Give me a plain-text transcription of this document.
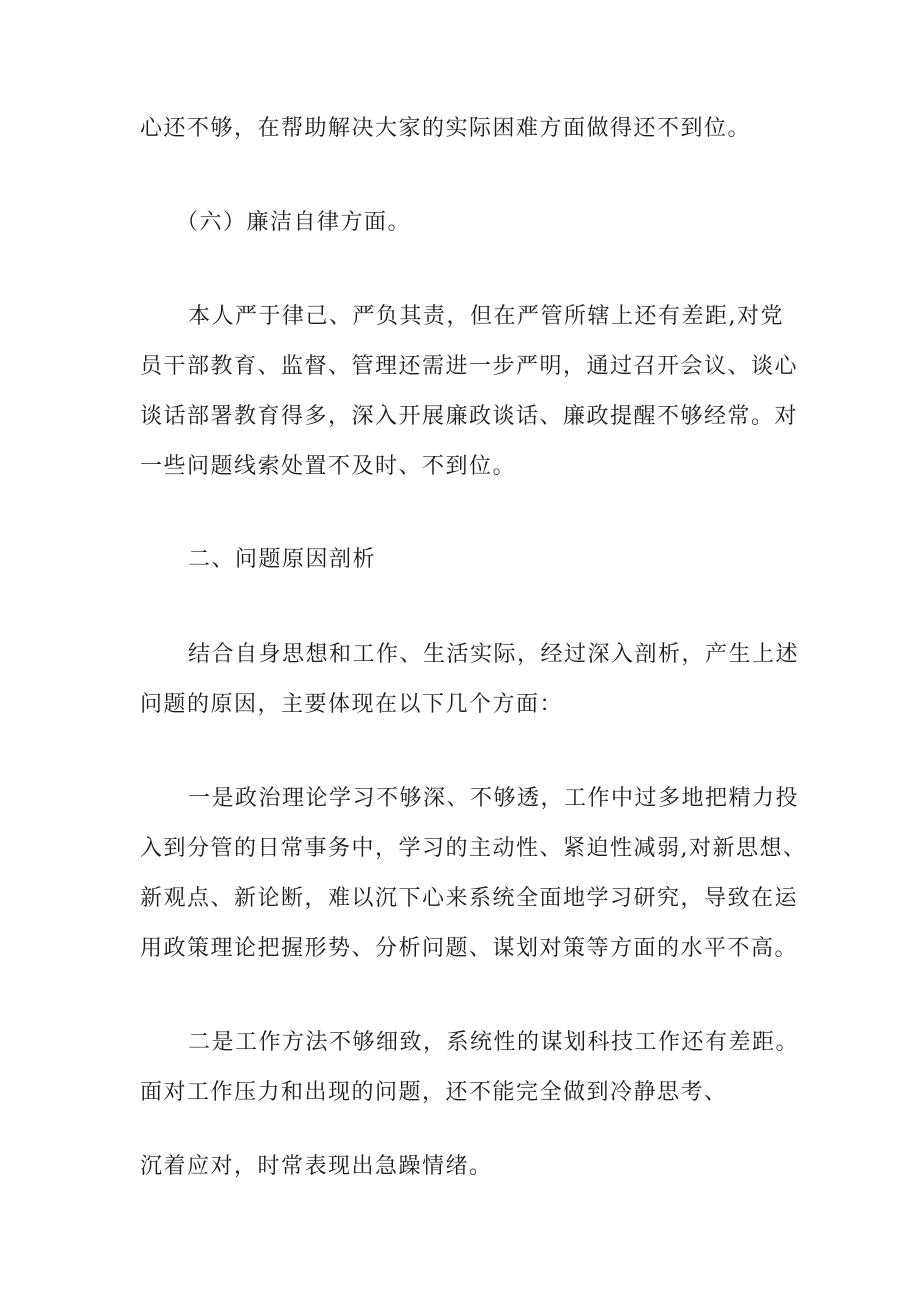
心还不够，在帮助解决大家的实际困难方面做得还不到位。
（六）廉洁自律方面。
本人严于律己、严负其责，但在严管所辖上还有差距,对党
员干部教育、监督、管理还需进一步严明，通过召开会议、谈心
谈话部署教育得多，深入开展廉政谈话、廉政提醒不够经常。对
一些问题线索处置不及时、不到位。
二、问题原因剖析
结合自身思想和工作、生活实际，经过深入剖析，产生上述
问题的原因，主要体现在以下几个方面：
一是政治理论学习不够深、不够透，工作中过多地把精力投
入到分管的日常事务中，学习的主动性、紧迫性减弱,对新思想、
新观点、新论断，难以沉下心来系统全面地学习研究，导致在运
用政策理论把握形势、分析问题、谋划对策等方面的水平不高。
二是工作方法不够细致，系统性的谋划科技工作还有差距。
面对工作压力和出现的问题，还不能完全做到冷静思考、
沉着应对，时常表现出急躁情绪。
